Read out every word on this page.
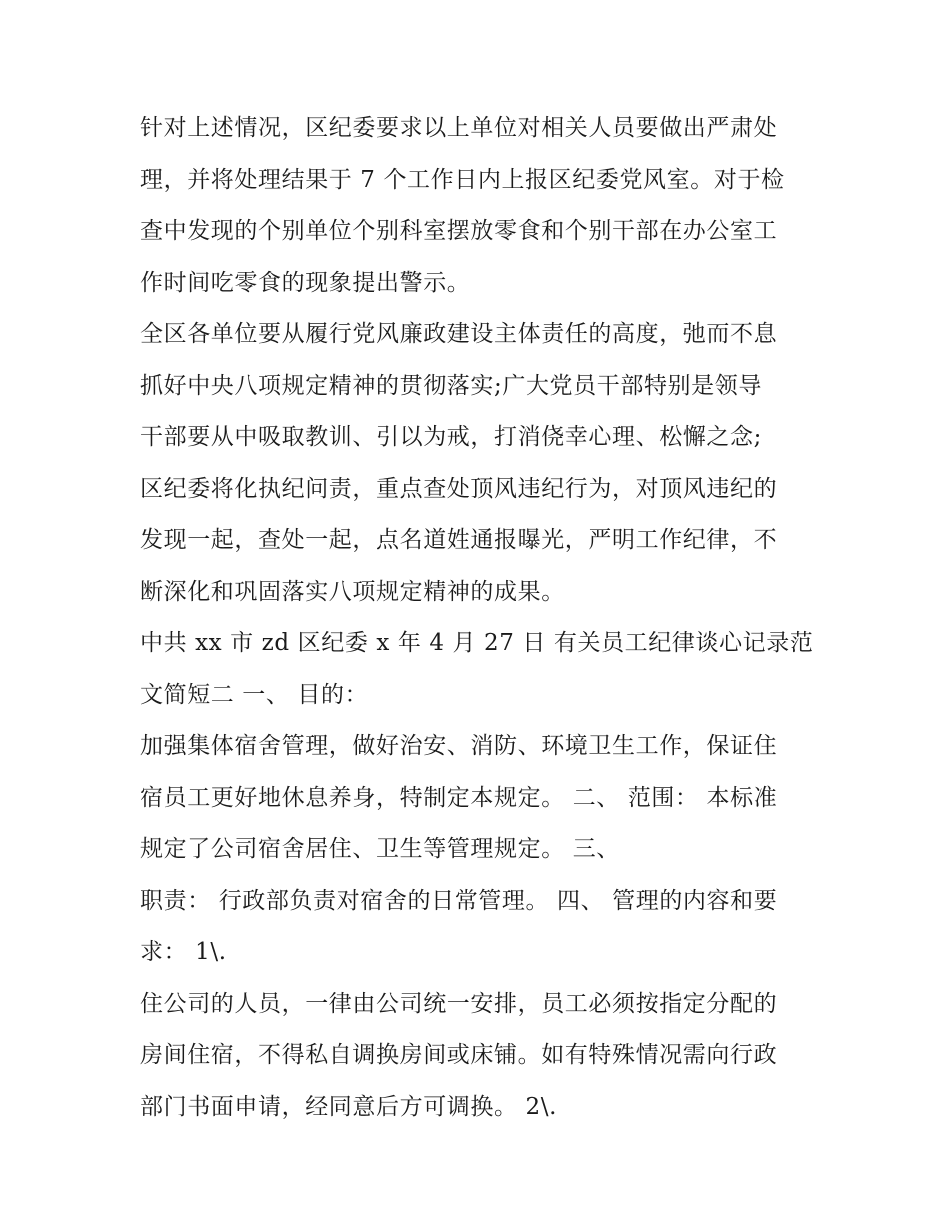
针对上述情况，区纪委要求以上单位对相关人员要做出严肃处
理，并将处理结果于 7 个工作日内上报区纪委党风室。对于检
查中发现的个别单位个别科室摆放零食和个别干部在办公室工
作时间吃零食的现象提出警示。

全区各单位要从履行党风廉政建设主体责任的高度，弛而不息
抓好中央八项规定精神的贯彻落实;广大党员干部特别是领导
干部要从中吸取教训、引以为戒，打消侥幸心理、松懈之念;
区纪委将化执纪问责，重点查处顶风违纪行为，对顶风违纪的
发现一起，查处一起，点名道姓通报曝光，严明工作纪律，不
断深化和巩固落实八项规定精神的成果。

中共 xx 市 zd 区纪委 x 年 4 月 27 日 有关员工纪律谈心记录范
文简短二 一、 目的：

加强集体宿舍管理，做好治安、消防、环境卫生工作，保证住
宿员工更好地休息养身，特制定本规定。 二、 范围： 本标准
规定了公司宿舍居住、卫生等管理规定。 三、

职责： 行政部负责对宿舍的日常管理。 四、 管理的内容和要
求： 1\.

住公司的人员，一律由公司统一安排，员工必须按指定分配的
房间住宿，不得私自调换房间或床铺。如有特殊情况需向行政
部门书面申请，经同意后方可调换。 2\.
